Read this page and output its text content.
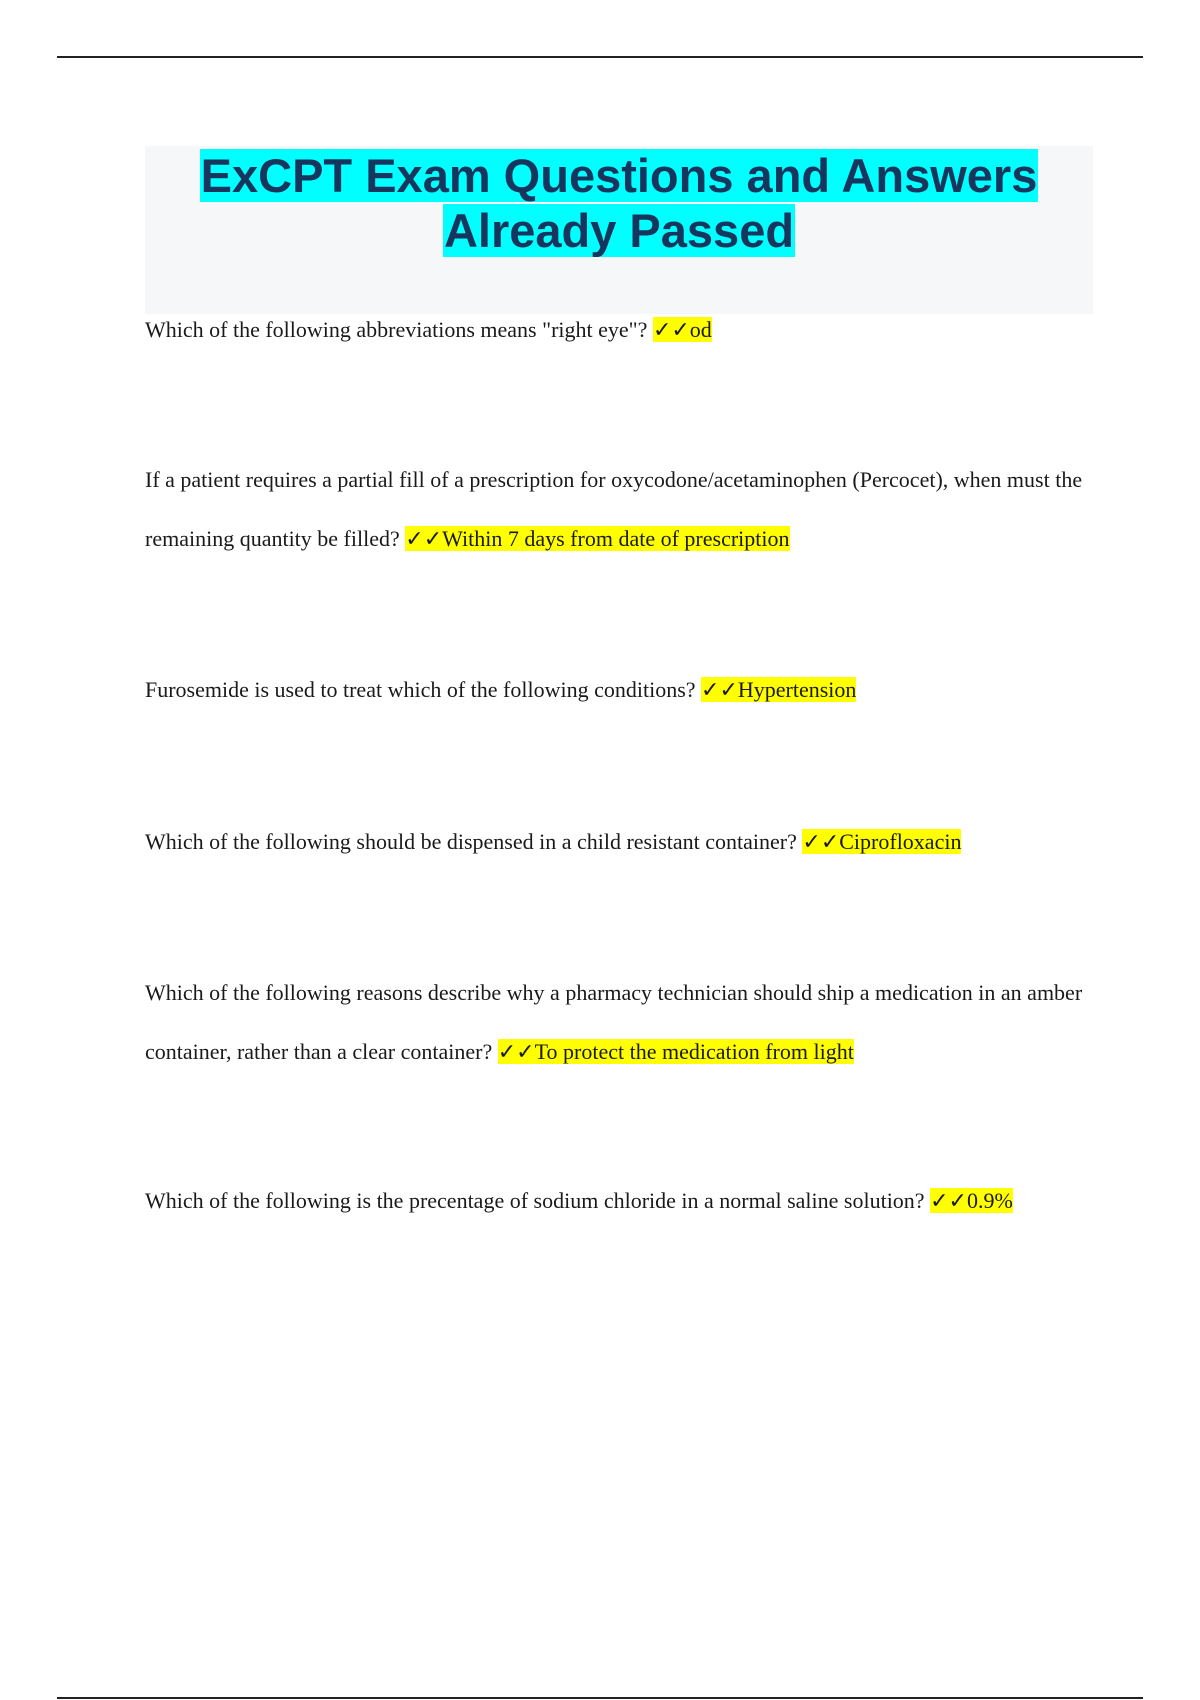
ExCPT Exam Questions and Answers
Already Passed

Which of the following abbreviations means "right eye"? ✓✓od

If a patient requires a partial fill of a prescription for oxycodone/acetaminophen (Percocet), when must the remaining quantity be filled? ✓✓Within 7 days from date of prescription

Furosemide is used to treat which of the following conditions? ✓✓Hypertension

Which of the following should be dispensed in a child resistant container? ✓✓Ciprofloxacin

Which of the following reasons describe why a pharmacy technician should ship a medication in an amber container, rather than a clear container? ✓✓To protect the medication from light

Which of the following is the precentage of sodium chloride in a normal saline solution? ✓✓0.9%
